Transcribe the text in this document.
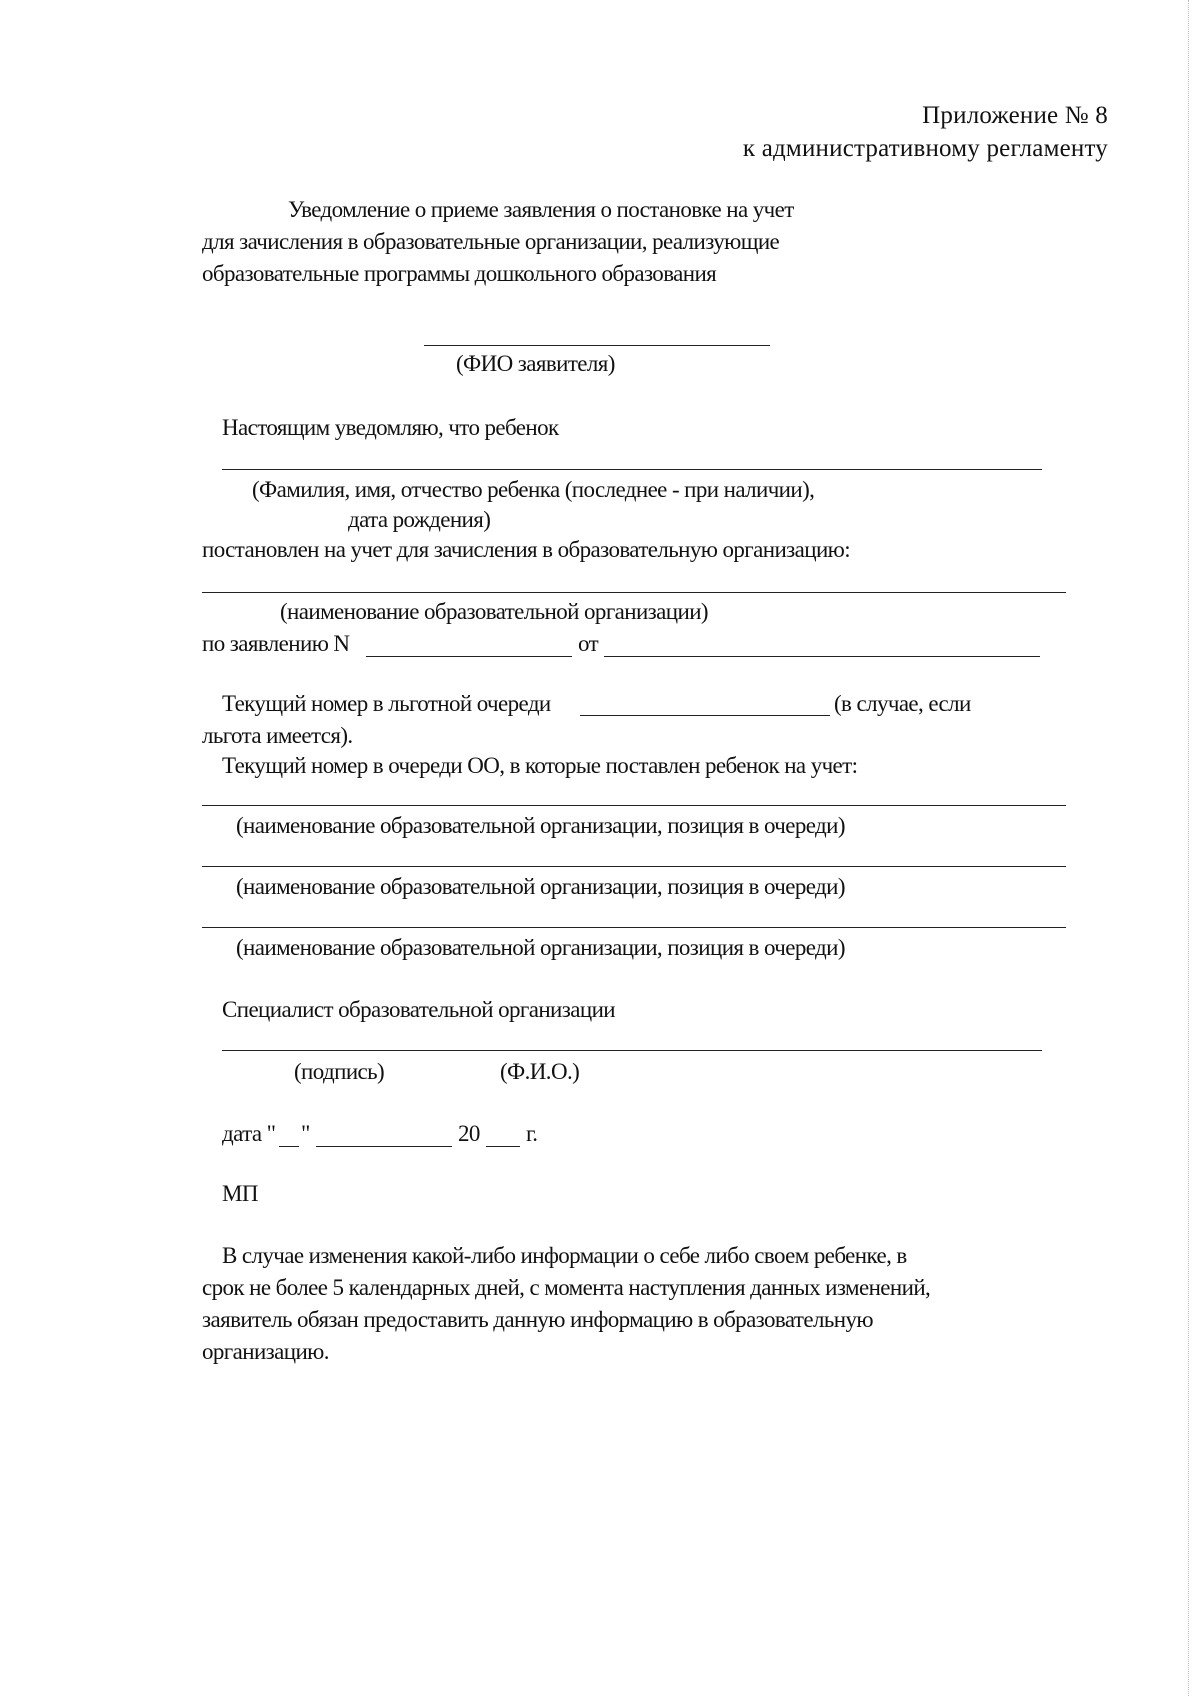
Приложение № 8
к административному регламенту
Уведомление о приеме заявления о постановке на учет
для зачисления в образовательные организации, реализующие
образовательные программы дошкольного образования
(ФИО заявителя)
Настоящим уведомляю, что ребенок
(Фамилия, имя, отчество ребенка (последнее - при наличии),
дата рождения)
постановлен на учет для зачисления в образовательную организацию:
(наименование образовательной организации)
по заявлению N	от
Текущий номер в льготной очереди	(в случае, если
льгота имеется).
Текущий номер в очереди ОО, в которые поставлен ребенок на учет:
(наименование образовательной организации, позиция в очереди)
(наименование образовательной организации, позиция в очереди)
(наименование образовательной организации, позиция в очереди)
Специалист образовательной организации
(подпись)	(Ф.И.О.)
дата " "	20 г.
МП
В случае изменения какой-либо информации о себе либо своем ребенке, в
срок не более 5 календарных дней, с момента наступления данных изменений,
заявитель обязан предоставить данную информацию в образовательную
организацию.
